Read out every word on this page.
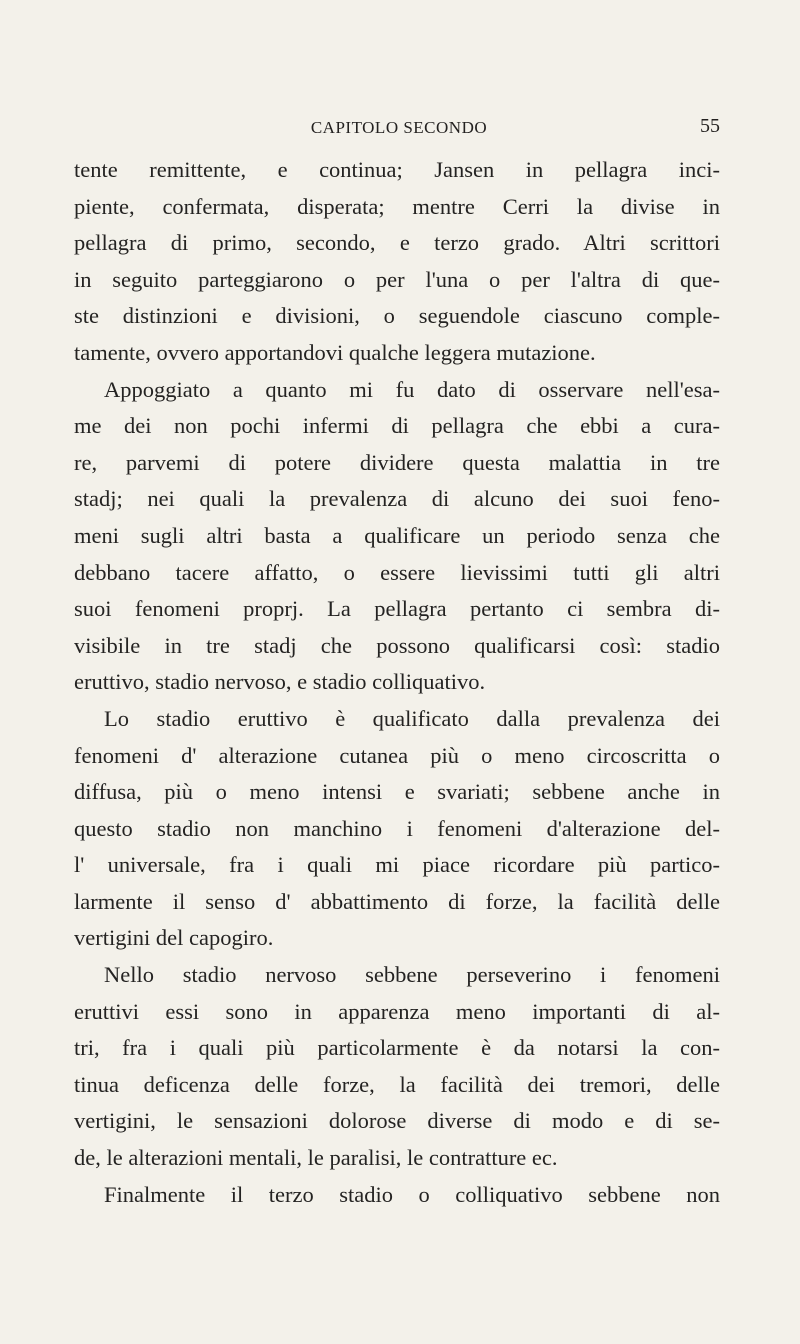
CAPITOLO SECONDO	55
tente remittente, e continua; Jansen in pellagra inci-
piente, confermata, disperata; mentre Cerri la divise in
pellagra di primo, secondo, e terzo grado. Altri scrittori
in seguito parteggiarono o per l'una o per l'altra di que-
ste distinzioni e divisioni, o seguendole ciascuno comple-
tamente, ovvero apportandovi qualche leggera mutazione.
Appoggiato a quanto mi fu dato di osservare nell'esa-
me dei non pochi infermi di pellagra che ebbi a cura-
re, parvemi di potere dividere questa malattia in tre
stadj; nei quali la prevalenza di alcuno dei suoi feno-
meni sugli altri basta a qualificare un periodo senza che
debbano tacere affatto, o essere lievissimi tutti gli altri
suoi fenomeni proprj. La pellagra pertanto ci sembra di-
visibile in tre stadj che possono qualificarsi così: stadio
eruttivo, stadio nervoso, e stadio colliquativo.
Lo stadio eruttivo è qualificato dalla prevalenza dei
fenomeni d' alterazione cutanea più o meno circoscritta o
diffusa, più o meno intensi e svariati; sebbene anche in
questo stadio non manchino i fenomeni d'alterazione del-
l' universale, fra i quali mi piace ricordare più partico-
larmente il senso d' abbattimento di forze, la facilità delle
vertigini del capogiro.
Nello stadio nervoso sebbene perseverino i fenomeni
eruttivi essi sono in apparenza meno importanti di al-
tri, fra i quali più particolarmente è da notarsi la con-
tinua deficenza delle forze, la facilità dei tremori, delle
vertigini, le sensazioni dolorose diverse di modo e di se-
de, le alterazioni mentali, le paralisi, le contratture ec.
Finalmente il terzo stadio o colliquativo sebbene non
